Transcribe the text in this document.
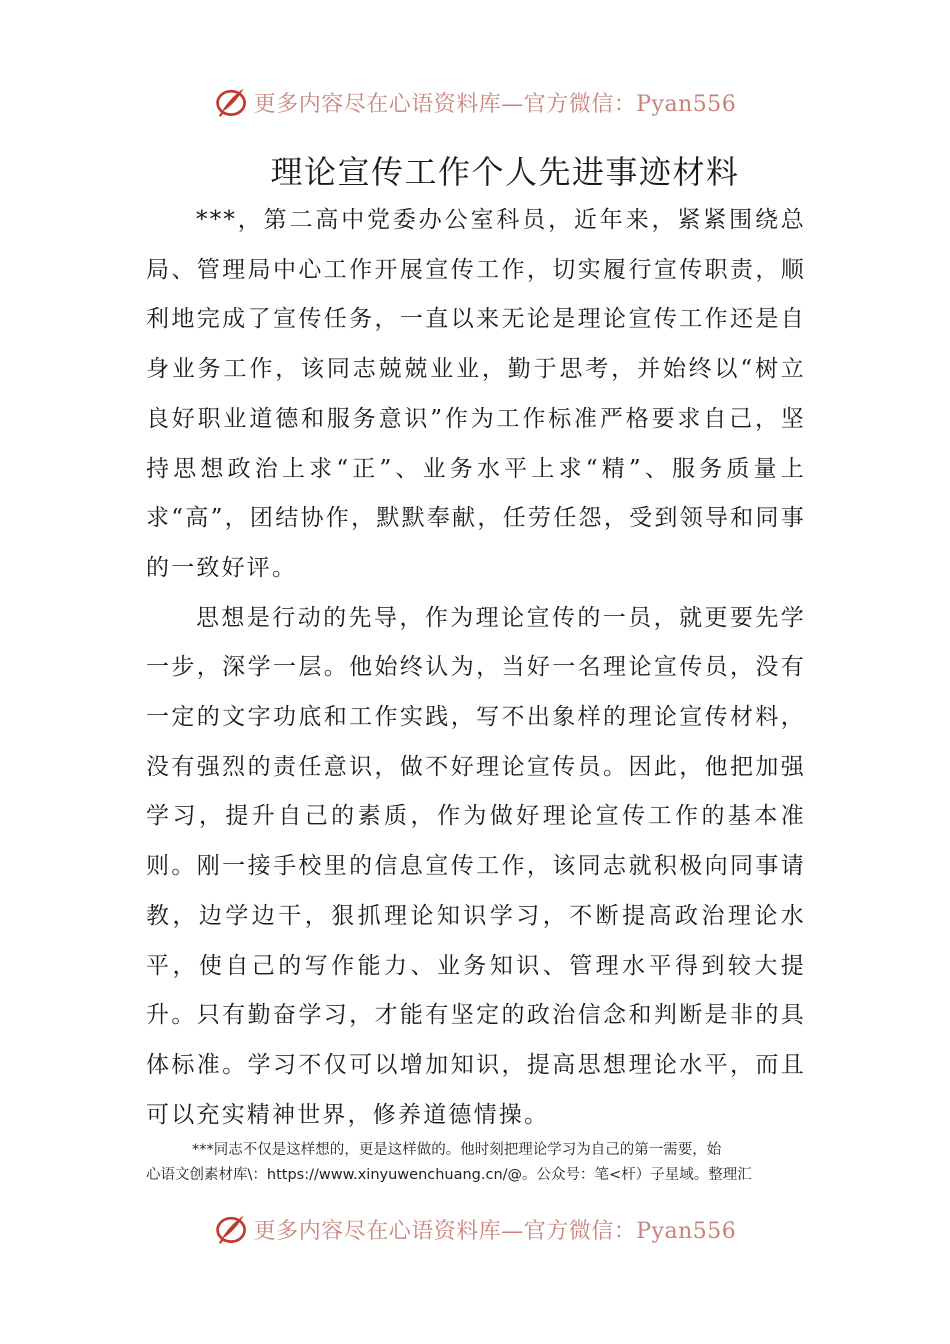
更多内容尽在心语资料库—官方微信：Pyan556
理论宣传工作个人先进事迹材料

***，第二高中党委办公室科员，近年来，紧紧围绕总局、管理局中心工作开展宣传工作，切实履行宣传职责，顺利地完成了宣传任务，一直以来无论是理论宣传工作还是自身业务工作，该同志兢兢业业，勤于思考，并始终以“树立良好职业道德和服务意识”作为工作标准严格要求自己，坚持思想政治上求“正”、业务水平上求“精”、服务质量上求“高”，团结协作，默默奉献，任劳任怨，受到领导和同事的一致好评。

思想是行动的先导，作为理论宣传的一员，就更要先学一步，深学一层。他始终认为，当好一名理论宣传员，没有一定的文字功底和工作实践，写不出象样的理论宣传材料，没有强烈的责任意识，做不好理论宣传员。因此，他把加强学习，提升自己的素质，作为做好理论宣传工作的基本准则。刚一接手校里的信息宣传工作，该同志就积极向同事请教，边学边干，狠抓理论知识学习，不断提高政治理论水平，使自己的写作能力、业务知识、管理水平得到较大提升。只有勤奋学习，才能有坚定的政治信念和判断是非的具体标准。学习不仅可以增加知识，提高思想理论水平，而且可以充实精神世界，修养道德情操。

***同志不仅是这样想的，更是这样做的。他时刻把理论学习为自己的第一需要，始
心语文创素材库\：https://www.xinyuwenchuang.cn/@。公众号：笔<杆）子星域。整理汇
更多内容尽在心语资料库—官方微信：Pyan556
